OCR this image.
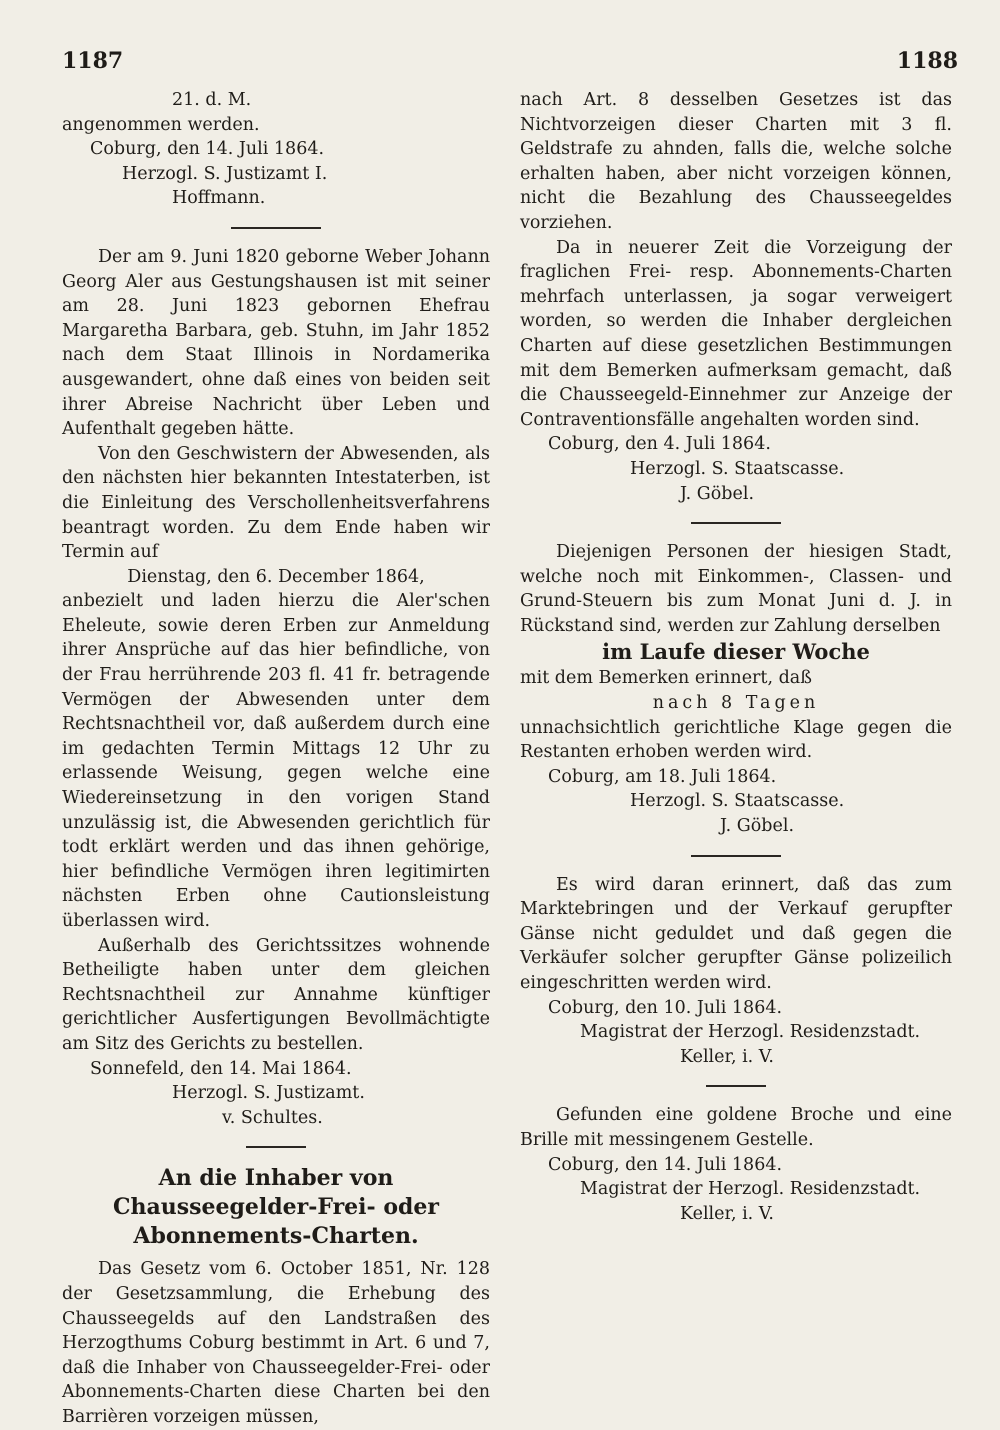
1187	1188

21. d. M.

angenommen werden.

Coburg, den 14. Juli 1864.

Herzogl. S. Justizamt I.

Hoffmann.

Der am 9. Juni 1820 geborne Weber Johann Georg Aler aus Gestungshausen ist mit seiner am 28. Juni 1823 gebornen Ehefrau Margaretha Barbara, geb. Stuhn, im Jahr 1852 nach dem Staat Illinois in Nordamerika ausgewandert, ohne daß eines von beiden seit ihrer Abreise Nachricht über Leben und Aufenthalt gegeben hätte.

Von den Geschwistern der Abwesenden, als den nächsten hier bekannten Intestaterben, ist die Einleitung des Verschollenheitsverfahrens beantragt worden. Zu dem Ende haben wir Termin auf

Dienstag, den 6. December 1864,

anbezielt und laden hierzu die Aler'schen Eheleute, sowie deren Erben zur Anmeldung ihrer Ansprüche auf das hier befindliche, von der Frau herrührende 203 fl. 41 fr. betragende Vermögen der Abwesenden unter dem Rechtsnachtheil vor, daß außerdem durch eine im gedachten Termin Mittags 12 Uhr zu erlassende Weisung, gegen welche eine Wiedereinsetzung in den vorigen Stand unzulässig ist, die Abwesenden gerichtlich für todt erklärt werden und das ihnen gehörige, hier befindliche Vermögen ihren legitimirten nächsten Erben ohne Cautionsleistung überlassen wird.

Außerhalb des Gerichtssitzes wohnende Betheiligte haben unter dem gleichen Rechtsnachtheil zur Annahme künftiger gerichtlicher Ausfertigungen Bevollmächtigte am Sitz des Gerichts zu bestellen.

Sonnefeld, den 14. Mai 1864.

Herzogl. S. Justizamt.

v. Schultes.

An die Inhaber von Chausseegelder-Frei- oder Abonnements-Charten.

Das Gesetz vom 6. October 1851, Nr. 128 der Gesetzsammlung, die Erhebung des Chausseegelds auf den Landstraßen des Herzogthums Coburg bestimmt in Art. 6 und 7, daß die Inhaber von Chausseegelder-Frei- oder Abonnements-Charten diese Charten bei den Barrièren vorzeigen müssen,

nach Art. 8 desselben Gesetzes ist das Nichtvorzeigen dieser Charten mit 3 fl. Geldstrafe zu ahnden, falls die, welche solche erhalten haben, aber nicht vorzeigen können, nicht die Bezahlung des Chausseegeldes vorziehen.

Da in neuerer Zeit die Vorzeigung der fraglichen Frei- resp. Abonnements-Charten mehrfach unterlassen, ja sogar verweigert worden, so werden die Inhaber dergleichen Charten auf diese gesetzlichen Bestimmungen mit dem Bemerken aufmerksam gemacht, daß die Chausseegeld-Einnehmer zur Anzeige der Contraventionsfälle angehalten worden sind.

Coburg, den 4. Juli 1864.

Herzogl. S. Staatscasse.

J. Göbel.

Diejenigen Personen der hiesigen Stadt, welche noch mit Einkommen-, Classen- und Grund-Steuern bis zum Monat Juni d. J. in Rückstand sind, werden zur Zahlung derselben

im Laufe dieser Woche

mit dem Bemerken erinnert, daß

nach 8 Tagen

unnachsichtlich gerichtliche Klage gegen die Restanten erhoben werden wird.

Coburg, am 18. Juli 1864.

Herzogl. S. Staatscasse.

J. Göbel.

Es wird daran erinnert, daß das zum Marktebringen und der Verkauf gerupfter Gänse nicht geduldet und daß gegen die Verkäufer solcher gerupfter Gänse polizeilich eingeschritten werden wird.

Coburg, den 10. Juli 1864.

Magistrat der Herzogl. Residenzstadt.

Keller, i. V.

Gefunden eine goldene Broche und eine Brille mit messingenem Gestelle.

Coburg, den 14. Juli 1864.

Magistrat der Herzogl. Residenzstadt.

Keller, i. V.
